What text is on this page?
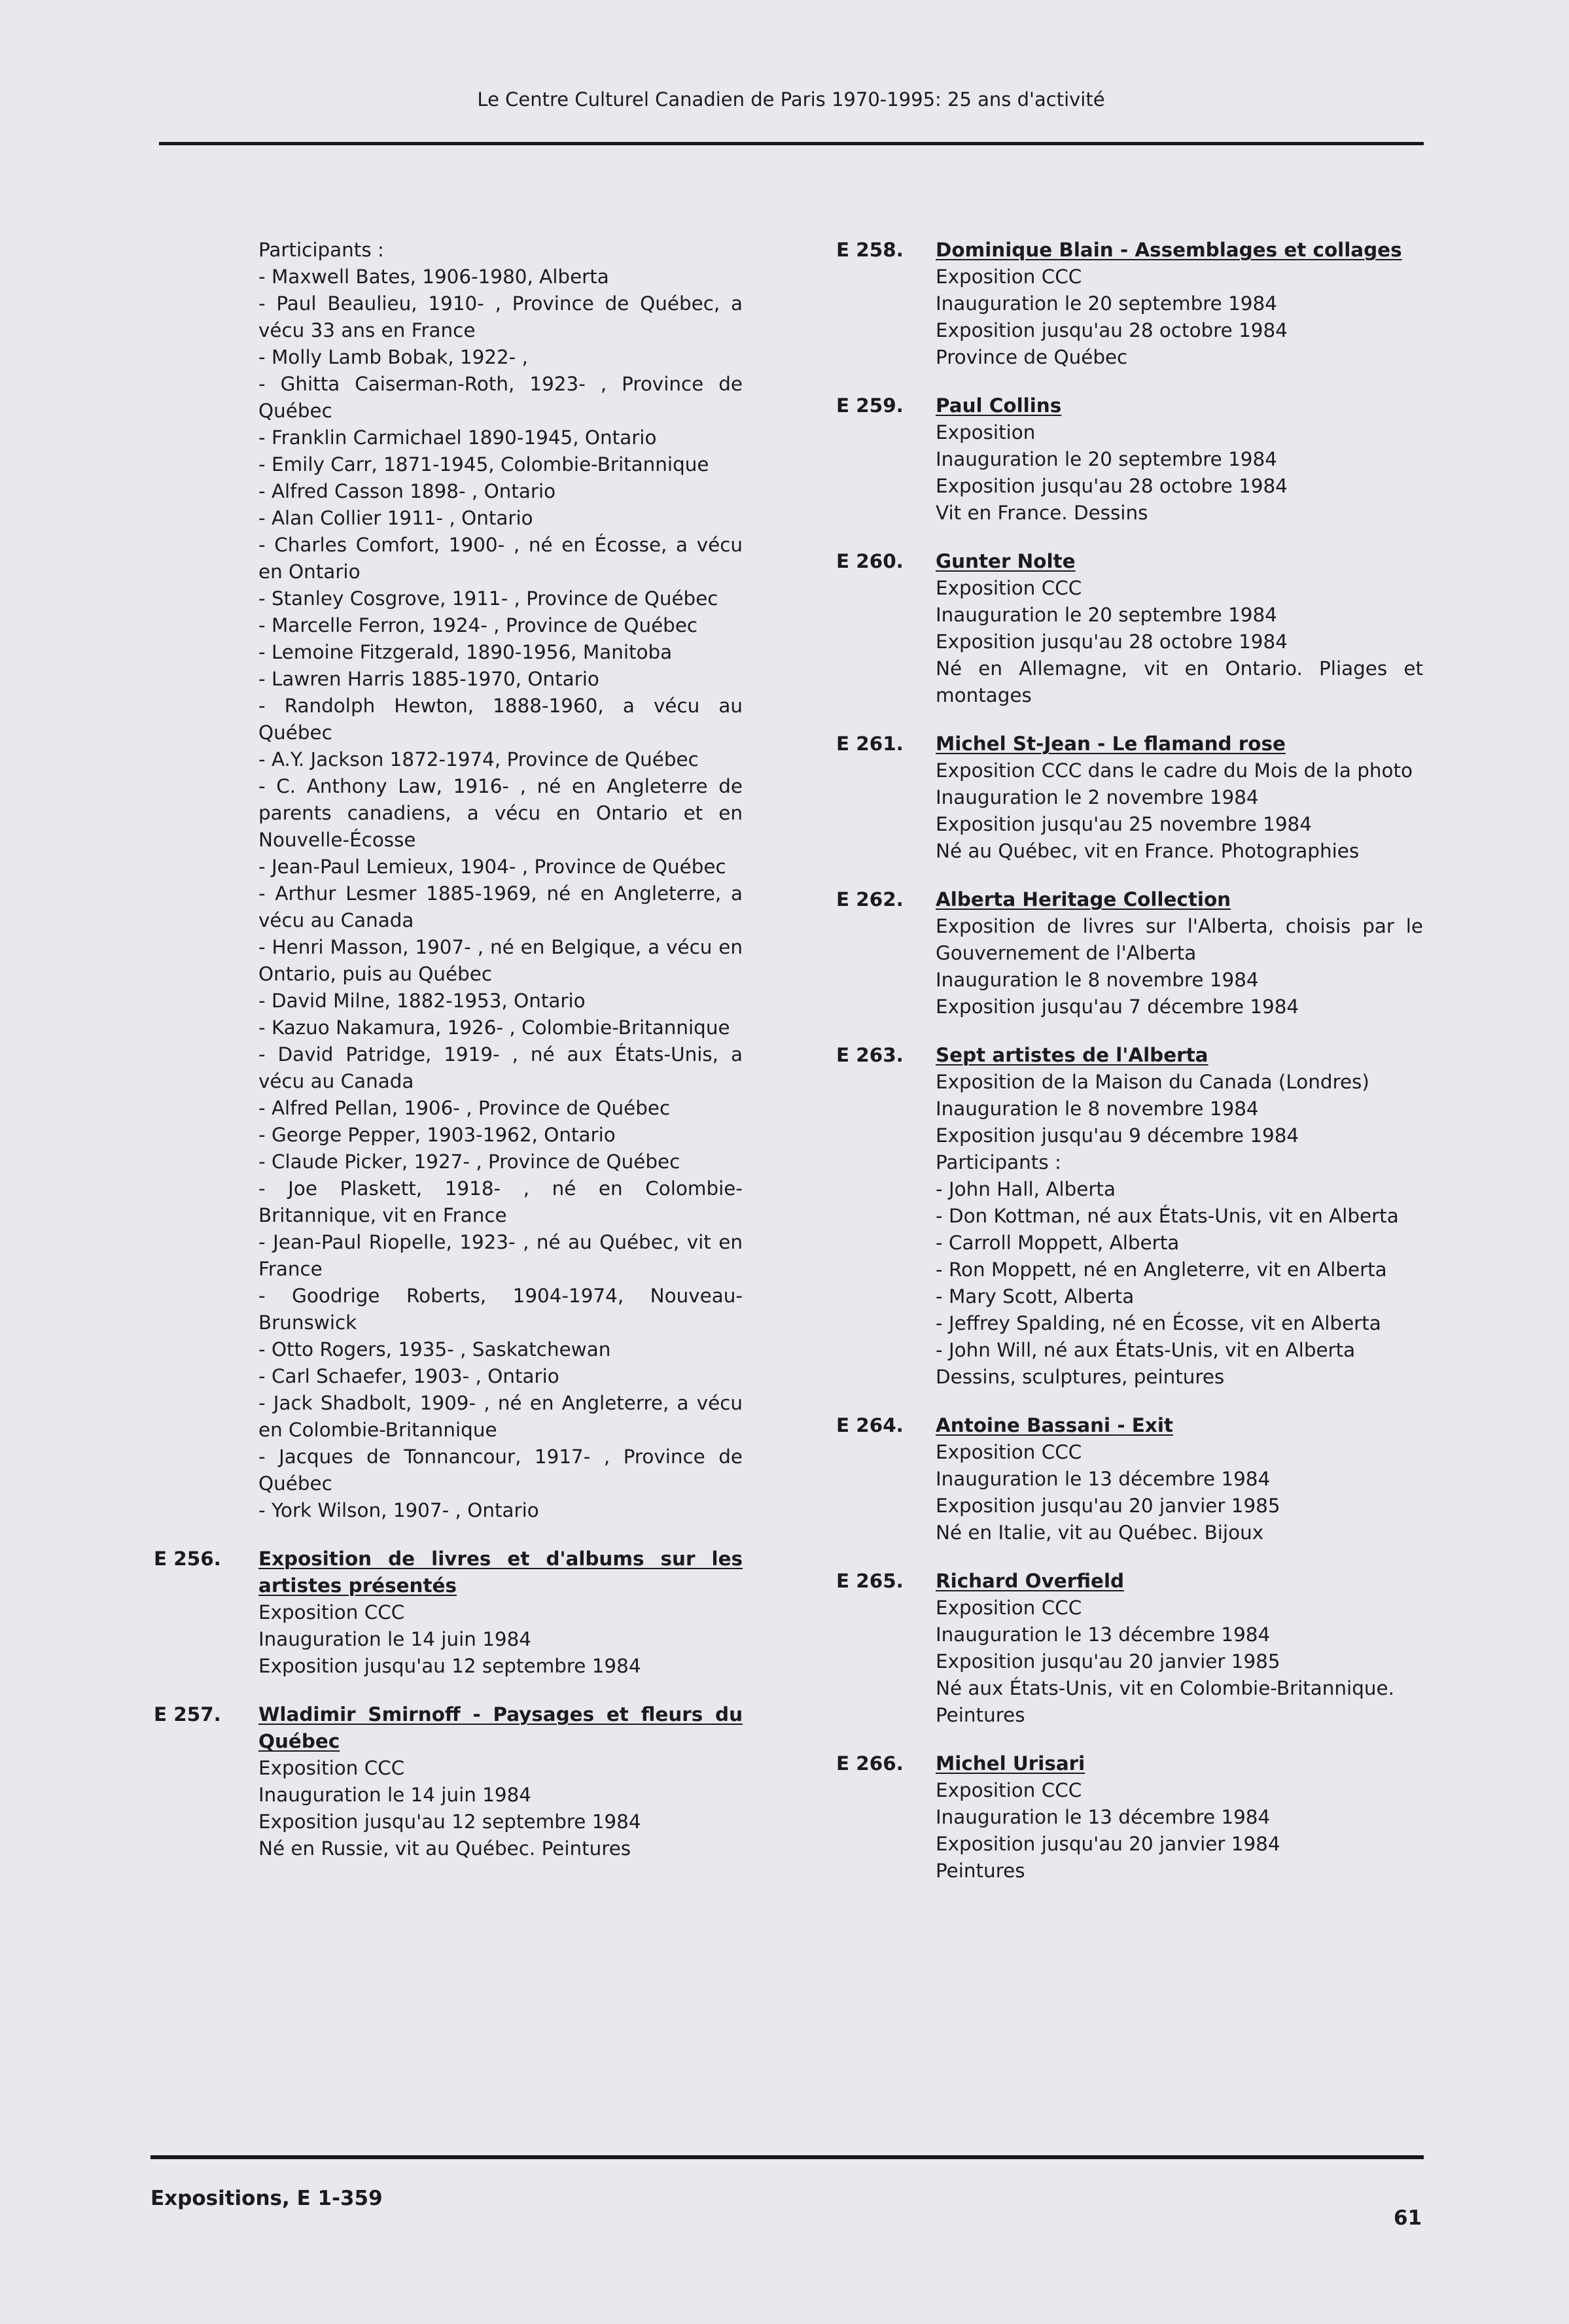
Le Centre Culturel Canadien de Paris 1970-1995: 25 ans d'activité
Participants :
- Maxwell Bates, 1906-1980, Alberta
- Paul Beaulieu, 1910- , Province de Québec, a vécu 33 ans en France
- Molly Lamb Bobak, 1922- ,
- Ghitta Caiserman-Roth, 1923- , Province de Québec
- Franklin Carmichael 1890-1945, Ontario
- Emily Carr, 1871-1945, Colombie-Britannique
- Alfred Casson 1898- , Ontario
- Alan Collier 1911- , Ontario
- Charles Comfort, 1900- , né en Écosse, a vécu en Ontario
- Stanley Cosgrove, 1911- , Province de Québec
- Marcelle Ferron, 1924- , Province de Québec
- Lemoine Fitzgerald, 1890-1956, Manitoba
- Lawren Harris 1885-1970, Ontario
- Randolph Hewton, 1888-1960, a vécu au Québec
- A.Y. Jackson 1872-1974, Province de Québec
- C. Anthony Law, 1916- , né en Angleterre de parents canadiens, a vécu en Ontario et en Nouvelle-Écosse
- Jean-Paul Lemieux, 1904- , Province de Québec
- Arthur Lesmer 1885-1969, né en Angleterre, a vécu au Canada
- Henri Masson, 1907- , né en Belgique, a vécu en Ontario, puis au Québec
- David Milne, 1882-1953, Ontario
- Kazuo Nakamura, 1926- , Colombie-Britannique
- David Patridge, 1919- , né aux États-Unis, a vécu au Canada
- Alfred Pellan, 1906- , Province de Québec
- George Pepper, 1903-1962, Ontario
- Claude Picker, 1927- , Province de Québec
- Joe Plaskett, 1918- , né en Colombie-Britannique, vit en France
- Jean-Paul Riopelle, 1923- , né au Québec, vit en France
- Goodrige Roberts, 1904-1974, Nouveau-Brunswick
- Otto Rogers, 1935- , Saskatchewan
- Carl Schaefer, 1903- , Ontario
- Jack Shadbolt, 1909- , né en Angleterre, a vécu en Colombie-Britannique
- Jacques de Tonnancour, 1917- , Province de Québec
- York Wilson, 1907- , Ontario
E 256.	Exposition de livres et d'albums sur les artistes présentés
Exposition CCC
Inauguration le 14 juin 1984
Exposition jusqu'au 12 septembre 1984
E 257.	Wladimir Smirnoff - Paysages et fleurs du Québec
Exposition CCC
Inauguration le 14 juin 1984
Exposition jusqu'au 12 septembre 1984
Né en Russie, vit au Québec. Peintures
E 258.	Dominique Blain - Assemblages et collages
Exposition CCC
Inauguration le 20 septembre 1984
Exposition jusqu'au 28 octobre 1984
Province de Québec
E 259.	Paul Collins
Exposition
Inauguration le 20 septembre 1984
Exposition jusqu'au 28 octobre 1984
Vit en France. Dessins
E 260.	Gunter Nolte
Exposition CCC
Inauguration le 20 septembre 1984
Exposition jusqu'au 28 octobre 1984
Né en Allemagne, vit en Ontario. Pliages et montages
E 261.	Michel St-Jean - Le flamand rose
Exposition CCC dans le cadre du Mois de la photo
Inauguration le 2 novembre 1984
Exposition jusqu'au 25 novembre 1984
Né au Québec, vit en France. Photographies
E 262.	Alberta Heritage Collection
Exposition de livres sur l'Alberta, choisis par le Gouvernement de l'Alberta
Inauguration le 8 novembre 1984
Exposition jusqu'au 7 décembre 1984
E 263.	Sept artistes de l'Alberta
Exposition de la Maison du Canada (Londres)
Inauguration le 8 novembre 1984
Exposition jusqu'au 9 décembre 1984
Participants :
- John Hall, Alberta
- Don Kottman, né aux États-Unis, vit en Alberta
- Carroll Moppett, Alberta
- Ron Moppett, né en Angleterre, vit en Alberta
- Mary Scott, Alberta
- Jeffrey Spalding, né en Écosse, vit en Alberta
- John Will, né aux États-Unis, vit en Alberta
Dessins, sculptures, peintures
E 264.	Antoine Bassani - Exit
Exposition CCC
Inauguration le 13 décembre 1984
Exposition jusqu'au 20 janvier 1985
Né en Italie, vit au Québec. Bijoux
E 265.	Richard Overfield
Exposition CCC
Inauguration le 13 décembre 1984
Exposition jusqu'au 20 janvier 1985
Né aux États-Unis, vit en Colombie-Britannique.
Peintures
E 266.	Michel Urisari
Exposition CCC
Inauguration le 13 décembre 1984
Exposition jusqu'au 20 janvier 1984
Peintures
Expositions, E 1-359
61
